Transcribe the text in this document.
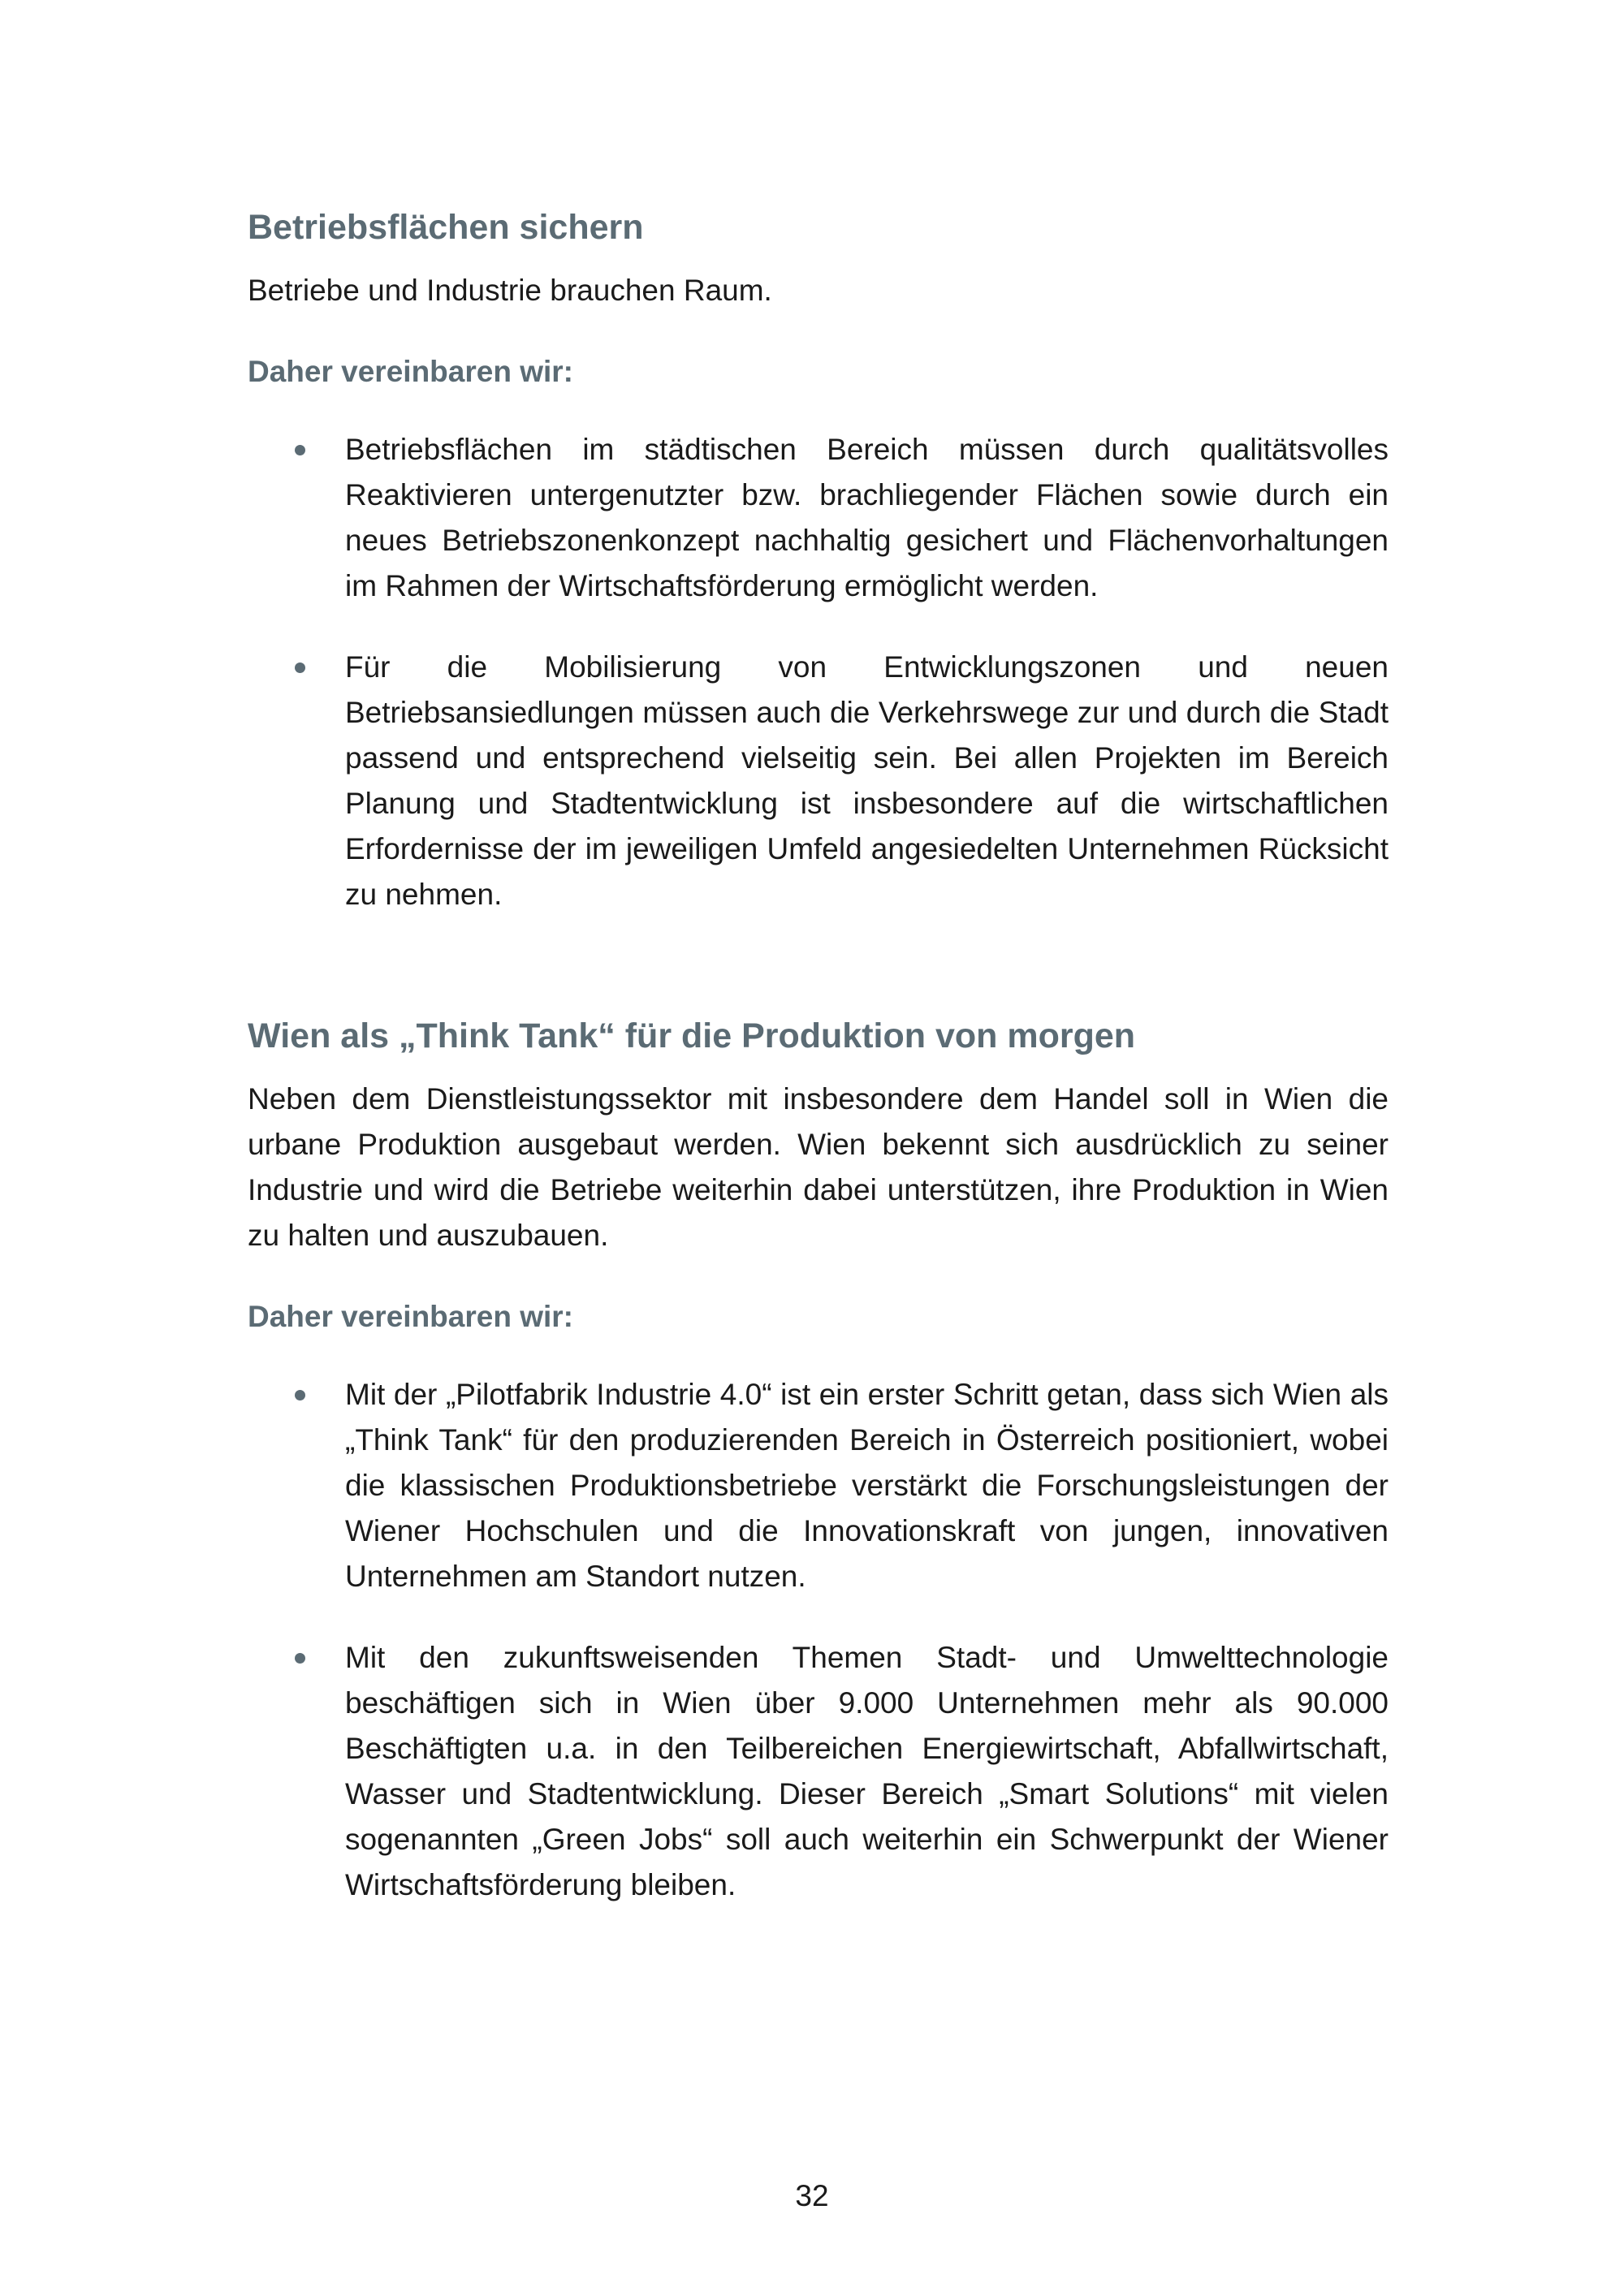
Betriebsflächen sichern

Betriebe und Industrie brauchen Raum.

Daher vereinbaren wir:

Betriebsflächen im städtischen Bereich müssen durch qualitätsvolles Reaktivieren untergenutzter bzw. brachliegender Flächen sowie durch ein neues Betriebszonenkonzept nachhaltig gesichert und Flächenvorhaltungen im Rahmen der Wirtschaftsförderung ermöglicht werden.
Für die Mobilisierung von Entwicklungszonen und neuen Betriebsansiedlungen müssen auch die Verkehrswege zur und durch die Stadt passend und entsprechend vielseitig sein. Bei allen Projekten im Bereich Planung und Stadtentwicklung ist insbesondere auf die wirtschaftlichen Erfordernisse der im jeweiligen Umfeld angesiedelten Unternehmen Rücksicht zu nehmen.
Wien als „Think Tank“ für die Produktion von morgen

Neben dem Dienstleistungssektor mit insbesondere dem Handel soll in Wien die urbane Produktion ausgebaut werden. Wien bekennt sich ausdrücklich zu seiner Industrie und wird die Betriebe weiterhin dabei unterstützen, ihre Produktion in Wien zu halten und auszubauen.

Daher vereinbaren wir:

Mit der „Pilotfabrik Industrie 4.0“ ist ein erster Schritt getan, dass sich Wien als „Think Tank“ für den produzierenden Bereich in Österreich positioniert, wobei die klassischen Produktionsbetriebe verstärkt die Forschungsleistungen der Wiener Hochschulen und die Innovationskraft von jungen, innovativen Unternehmen am Standort nutzen.
Mit den zukunftsweisenden Themen Stadt- und Umwelttechnologie beschäftigen sich in Wien über 9.000 Unternehmen mehr als 90.000 Beschäftigten u.a. in den Teilbereichen Energiewirtschaft, Abfallwirtschaft, Wasser und Stadtentwicklung. Dieser Bereich „Smart Solutions“ mit vielen sogenannten „Green Jobs“ soll auch weiterhin ein Schwerpunkt der Wiener Wirtschaftsförderung bleiben.
32
